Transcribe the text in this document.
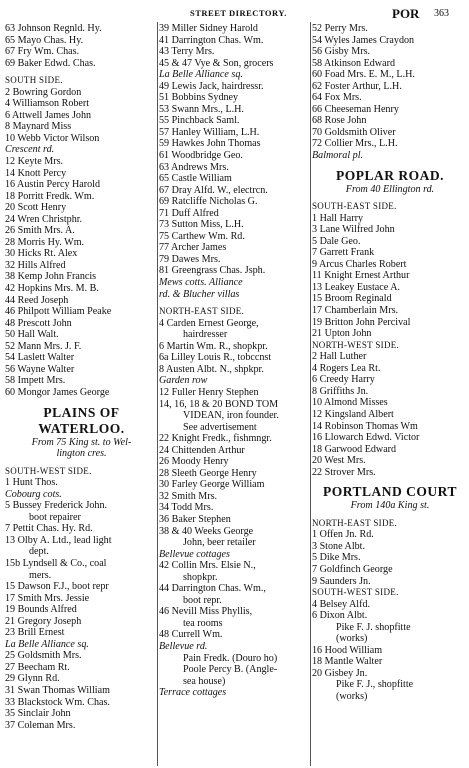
STREET DIRECTORY.	POR 363
63 Johnson Regnld. Hy.
65 Mayo Chas. Hy.
67 Fry Wm. Chas.
69 Baker Edwd. Chas.
SOUTH SIDE.
2 Bowring Gordon
4 Williamson Robert
6 Attwell James John
8 Maynard Miss
10 Webb Victor Wilson
Crescent rd.
12 Keyte Mrs.
14 Knott Percy
16 Austin Percy Harold
18 Porritt Fredk. Wm.
20 Scott Henry
24 Wren Christphr.
26 Smith Mrs. A.
28 Morris Hy. Wm.
30 Hicks Rt. Alex
32 Hills Alfred
38 Kemp John Francis
42 Hopkins Mrs. M. B.
44 Reed Joseph
46 Philpott William Peake
48 Prescott John
50 Hall Walt.
52 Mann Mrs. J. F.
54 Laslett Walter
56 Wayne Walter
58 Impett Mrs.
60 Mongor James George
PLAINS OF
WATERLOO.
From 75 King st. to Wel-
lington cres.
SOUTH-WEST SIDE.
1 Hunt Thos.
Cobourg cots.
5 Bussey Frederick John.
boot repairer
7 Pettit Chas. Hy. Rd.
13 Olby A. Ltd., lead light
dept.
15b Lyndsell & Co., coal
mers.
15 Dawson F.J., boot repr
17 Smith Mrs. Jessie
19 Bounds Alfred
21 Gregory Joseph
23 Brill Ernest
La Belle Alliance sq.
25 Goldsmith Mrs.
27 Beecham Rt.
29 Glynn Rd.
31 Swan Thomas William
33 Blackstock Wm. Chas.
35 Sinclair John
37 Coleman Mrs.
39 Miller Sidney Harold
41 Darrington Chas. Wm.
43 Terry Mrs.
45 & 47 Vye & Son, grocers
La Belle Alliance sq.
49 Lewis Jack, hairdressr.
51 Bobbins Sydney
53 Swann Mrs., L.H.
55 Pinchback Saml.
57 Hanley William, L.H.
59 Hawkes John Thomas
61 Woodbridge Geo.
63 Andrews Mrs.
65 Castle William
67 Dray Alfd. W., electrcn.
69 Ratcliffe Nicholas G.
71 Duff Alfred
73 Sutton Miss, L.H.
75 Carthew Wm. Rd.
77 Archer James
79 Dawes Mrs.
81 Greengrass Chas. Jsph.
Mews cotts. Alliance
rd. & Blucher villas
NORTH-EAST SIDE.
4 Carden Ernest George,
hairdresser
6 Martin Wm. R., shopkpr.
6a Lilley Louis R., tobccnst
8 Austen Albt. N., shpkpr.
Garden row
12 Fuller Henry Stephen
14, 16, 18 & 20 BOND TOM
VIDEAN, iron founder.
See advertisement
22 Knight Fredk., fishmngr.
24 Chittenden Arthur
26 Moody Henry
28 Sleeth George Henry
30 Farley George William
32 Smith Mrs.
34 Todd Mrs.
36 Baker Stephen
38 & 40 Weeks George
John, beer retailer
Bellevue cottages
42 Collin Mrs. Elsie N.,
shopkpr.
44 Darrington Chas. Wm.,
boot repr.
46 Nevill Miss Phyllis,
tea rooms
48 Currell Wm.
Bellevue rd.
Pain Fredk. (Douro ho)
Poole Percy B. (Angle-
sea house)
Terrace cottages
52 Perry Mrs.
54 Wyles James Craydon
56 Gisby Mrs.
58 Atkinson Edward
60 Foad Mrs. E. M., L.H.
62 Foster Arthur, L.H.
64 Fox Mrs.
66 Cheeseman Henry
68 Rose John
70 Goldsmith Oliver
72 Collier Mrs., L.H.
Balmoral pl.
POPLAR ROAD.
From 40 Ellington rd.
SOUTH-EAST SIDE.
1 Hall Harry
3 Lane Wilfred John
5 Dale Geo.
7 Garrett Frank
9 Arcus Charles Robert
11 Knight Ernest Arthur
13 Leakey Eustace A.
15 Broom Reginald
17 Chamberlain Mrs.
19 Britton John Percival
21 Upton John
NORTH-WEST SIDE.
2 Hall Luther
4 Rogers Lea Rt.
6 Creedy Harry
8 Griffiths Jn.
10 Almond Misses
12 Kingsland Albert
14 Robinson Thomas Wm
16 Llowarch Edwd. Victor
18 Garwood Edward
20 West Mrs.
22 Strover Mrs.
PORTLAND COURT
From 140a King st.
NORTH-EAST SIDE.
1 Offen Jn. Rd.
3 Stone Albt.
5 Dike Mrs.
7 Goldfinch George
9 Saunders Jn.
SOUTH-WEST SIDE.
4 Belsey Alfd.
6 Dixon Albt.
Pike F. J. shopfitte
(works)
16 Hood William
18 Mantle Walter
20 Gisbey Jn.
Pike F. J., shopfitte
(works)
